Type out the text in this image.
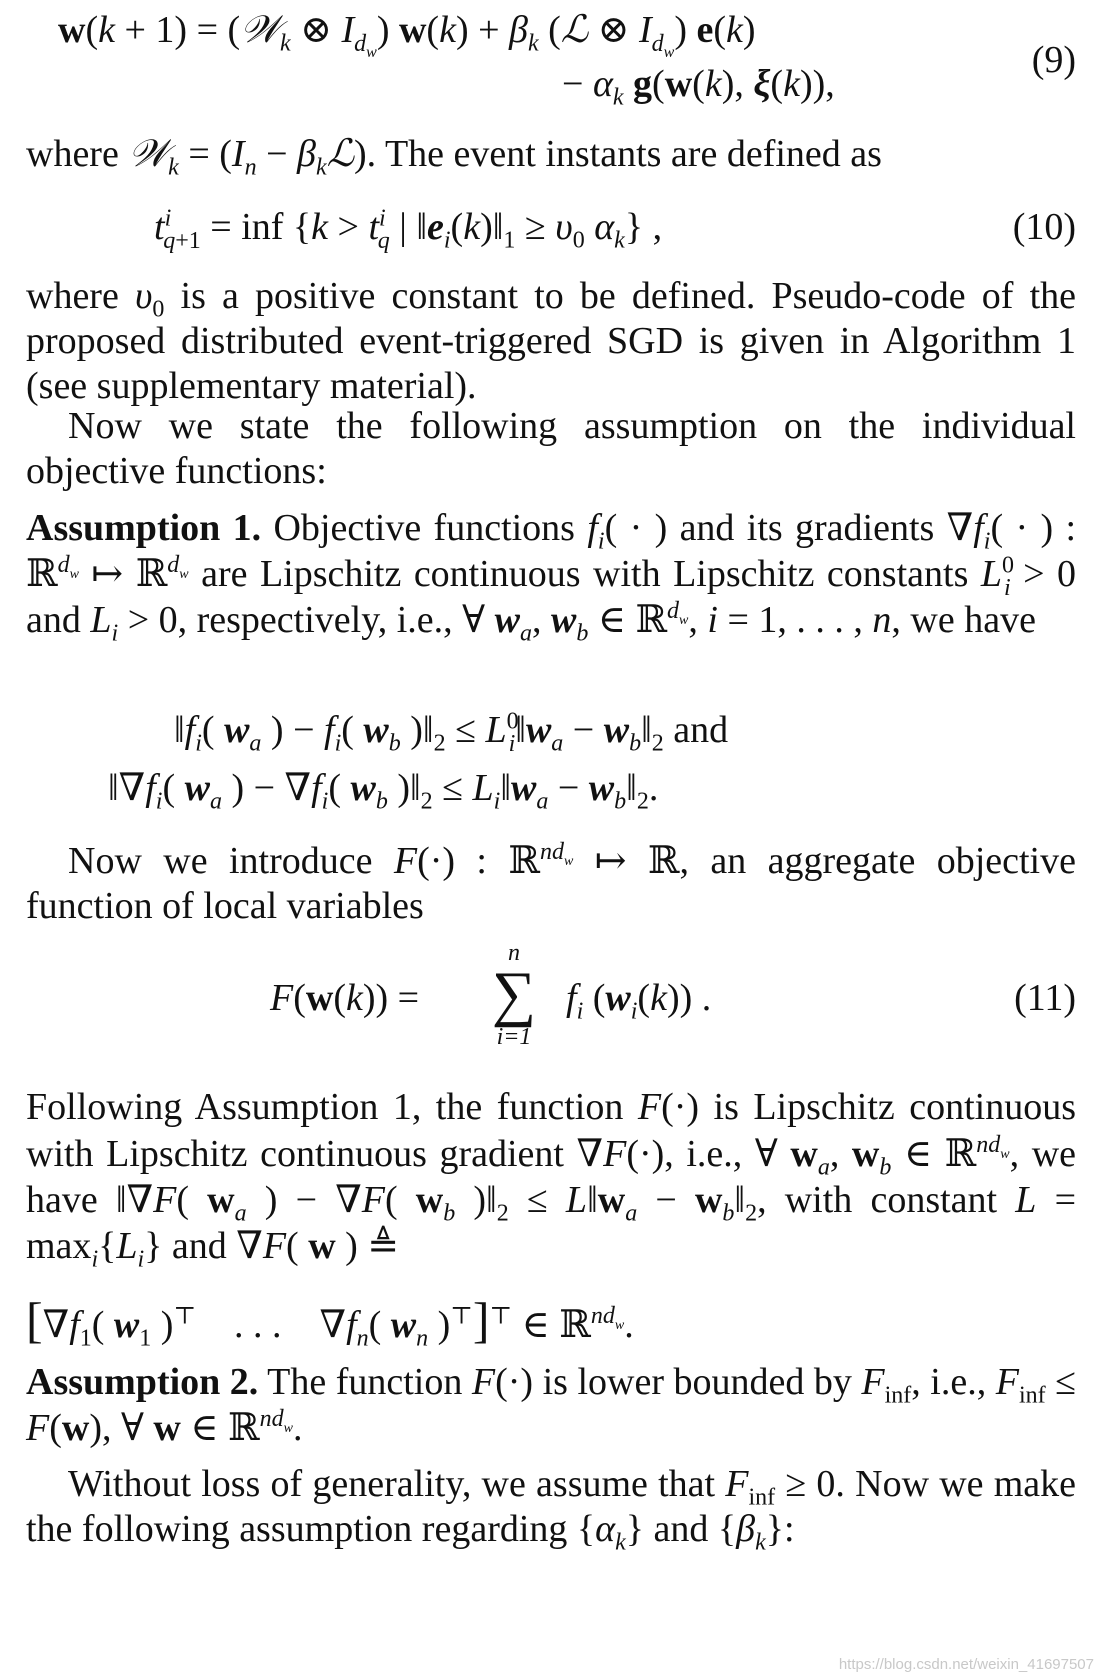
w(k + 1) = (𝒲$_k$ ⊗ $I_{d_w}$) $w(k) + \beta_k$ (ℒ ⊗ $I_{d_w}$) e(k)
− $\alpha_k$ g(w(k), ξ(k)),
(9)
where 𝒲$_k$ = ($I_n$ − $\beta_kℒ$). The event instants are defined as
$t^i_{q+1}$ = inf {$k > t^i_q$ | $‖e_i(k)‖_1 \ge \upsilon_0$ $\alpha_k$} ,	(10)
where $\upsilon_0$ is a positive constant to be defined. Pseudo-code of the proposed distributed event-triggered SGD is given in Algorithm 1 (see supplementary material).
Now we state the following assumption on the individual objective functions:
Assumption 1. Objective functions $f_i$( · ) and its gradients $\nabla f_i$( · ) : ℝ$^{d_w}$ ↦ ℝ$^{d_w}$ are Lipschitz continuous with Lipschitz constants $L^0_i > 0$ and $L_i > 0$, respectively, i.e., ∀ $w_a$, $w_b$ ∈ ℝ$^{d_w}$, i = 1, . . . , n, we have
$‖f_i$( $w_a$ ) − $f_i$( $w_b$ )$‖_2$ ≤ $L^0_i‖w_a$ − $w_b‖_2$ and
$‖\nabla f_i$( $w_a$ ) − $\nabla f_i$( $w_b$ )$‖_2$ ≤ $L_i‖w_a$ − $w_b‖_2$.
Now we introduce F(·) : ℝ$^{nd_w}$ ↦ ℝ, an aggregate objective function of local variables
F(w(k)) =
n
∑
i=1
$f_i$ $(w_i(k))$ .	(11)
Following Assumption 1, the function F(·) is Lipschitz continuous with Lipschitz continuous gradient ∇F(·), i.e., ∀ $w_a$, $w_b$ ∈ ℝ$^{nd_w}$, we have ‖∇F( $w_a$ ) − ∇F( $w_b$ )$‖_2$ ≤ $L‖w_a$ − $w_b‖_2$, with constant $L = \max_i\{L_i\}$ and ∇F( w ) ≜
[$\nabla f_1$( $w_1$ )⊤    . . .    $\nabla f_n$( $w_n$ )⊤]⊤ ∈ ℝ$^{nd_w}$.
Assumption 2. The function F(·) is lower bounded by $F_{inf}$, i.e., $F_{inf} \le F(w)$, ∀ w ∈ ℝ$^{nd_w}$.
Without loss of generality, we assume that $F_{inf} \ge 0$. Now we make the following assumption regarding $\{\alpha_k\}$ and $\{\beta_k\}$:
https://blog.csdn.net/weixin_41697507
